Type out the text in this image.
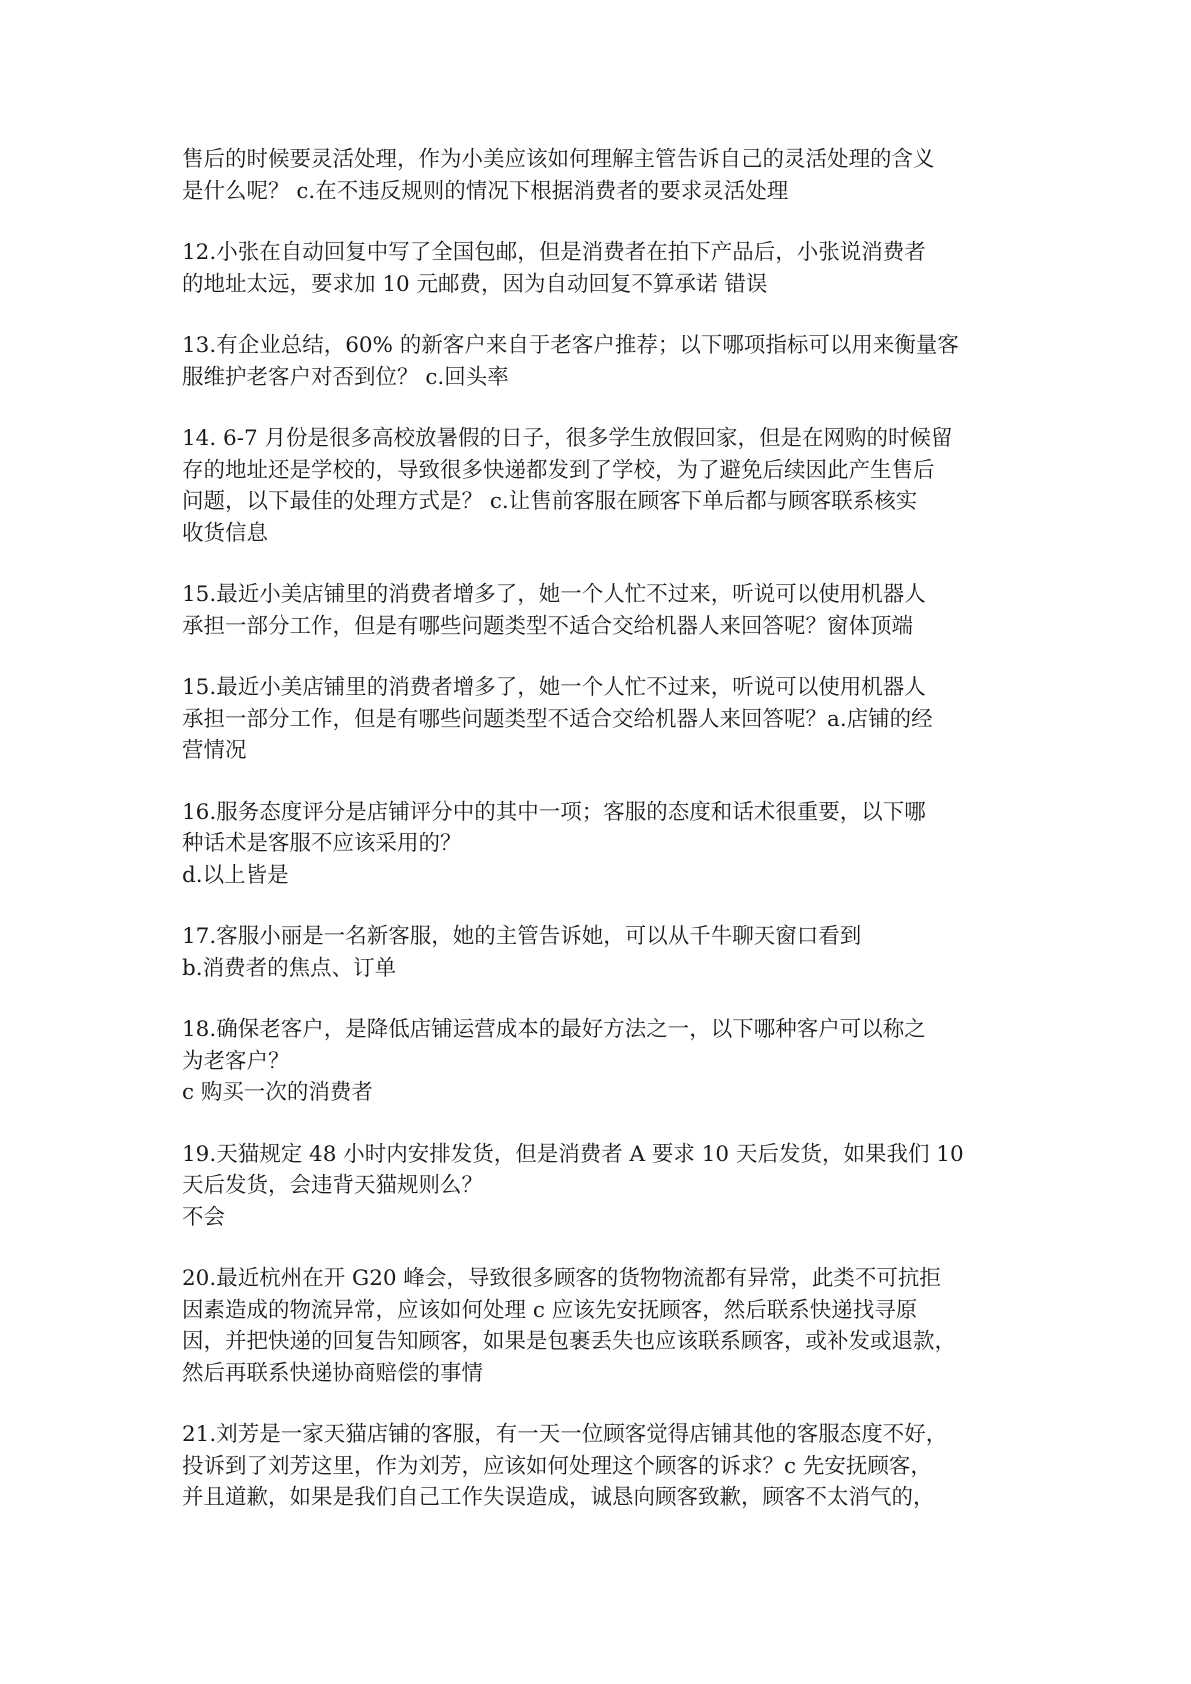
售后的时候要灵活处理，作为小美应该如何理解主管告诉自己的灵活处理的含义
是什么呢？ c.在不违反规则的情况下根据消费者的要求灵活处理
12.小张在自动回复中写了全国包邮，但是消费者在拍下产品后，小张说消费者
的地址太远，要求加 10 元邮费，因为自动回复不算承诺 错误
13.有企业总结，60% 的新客户来自于老客户推荐；以下哪项指标可以用来衡量客
服维护老客户对否到位？ c.回头率
14. 6-7 月份是很多高校放暑假的日子，很多学生放假回家，但是在网购的时候留
存的地址还是学校的，导致很多快递都发到了学校，为了避免后续因此产生售后
问题，以下最佳的处理方式是？ c.让售前客服在顾客下单后都与顾客联系核实
收货信息
15.最近小美店铺里的消费者增多了，她一个人忙不过来，听说可以使用机器人
承担一部分工作，但是有哪些问题类型不适合交给机器人来回答呢？窗体顶端
15.最近小美店铺里的消费者增多了，她一个人忙不过来，听说可以使用机器人
承担一部分工作，但是有哪些问题类型不适合交给机器人来回答呢？a.店铺的经
营情况
16.服务态度评分是店铺评分中的其中一项；客服的态度和话术很重要，以下哪
种话术是客服不应该采用的？
d.以上皆是
17.客服小丽是一名新客服，她的主管告诉她，可以从千牛聊天窗口看到
b.消费者的焦点、订单
18.确保老客户，是降低店铺运营成本的最好方法之一，以下哪种客户可以称之
为老客户？
c 购买一次的消费者
19.天猫规定 48 小时内安排发货，但是消费者 A 要求 10 天后发货，如果我们 10
天后发货，会违背天猫规则么？
不会
20.最近杭州在开 G20 峰会，导致很多顾客的货物物流都有异常，此类不可抗拒
因素造成的物流异常，应该如何处理 c 应该先安抚顾客，然后联系快递找寻原
因，并把快递的回复告知顾客，如果是包裹丢失也应该联系顾客，或补发或退款，
然后再联系快递协商赔偿的事情
21.刘芳是一家天猫店铺的客服，有一天一位顾客觉得店铺其他的客服态度不好，
投诉到了刘芳这里，作为刘芳，应该如何处理这个顾客的诉求？c 先安抚顾客，
并且道歉，如果是我们自己工作失误造成，诚恳向顾客致歉，顾客不太消气的，
